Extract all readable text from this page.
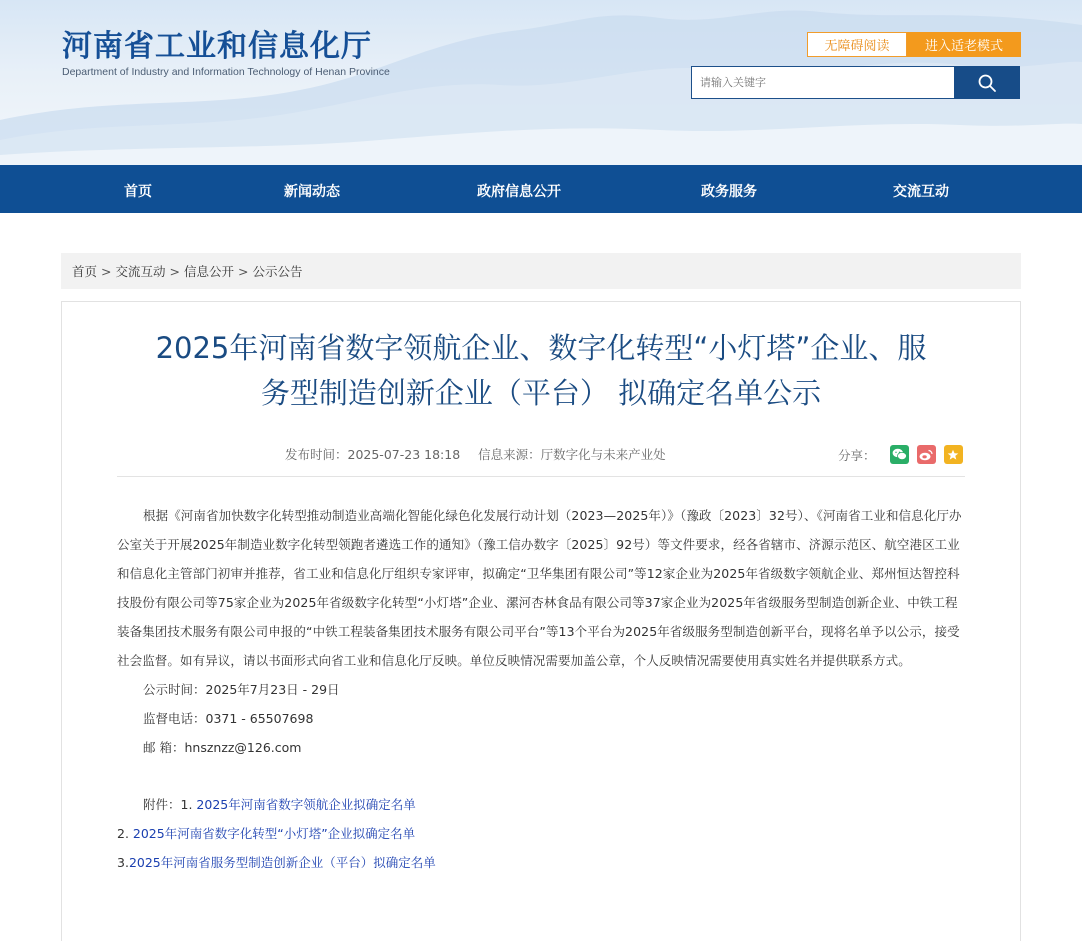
河南省工业和信息化厅
Department of Industry and Information Technology of Henan Province
无障碍阅读	进入适老模式
请输入关键字
首页	新闻动态	政府信息公开	政务服务	交流互动
首页 > 交流互动 > 信息公开 > 公示公告
2025年河南省数字领航企业、数字化转型“小灯塔”企业、服
务型制造创新企业（平台） 拟确定名单公示
发布时间：2025-07-23 18:18 信息来源：厅数字化与未来产业处	分享：

根据《河南省加快数字化转型推动制造业高端化智能化绿色化发展行动计划（2023—2025年）》（豫政〔2023〕32号）、《河南省工业和信息化厅办公室关于开展2025年制造业数字化转型领跑者遴选工作的通知》（豫工信办数字〔2025〕92号）等文件要求，经各省辖市、济源示范区、航空港区工业和信息化主管部门初审并推荐，省工业和信息化厅组织专家评审，拟确定“卫华集团有限公司”等12家企业为2025年省级数字领航企业、郑州恒达智控科技股份有限公司等75家企业为2025年省级数字化转型“小灯塔”企业、漯河杏林食品有限公司等37家企业为2025年省级服务型制造创新企业、中铁工程装备集团技术服务有限公司申报的“中铁工程装备集团技术服务有限公司平台”等13个平台为2025年省级服务型制造创新平台，现将名单予以公示，接受社会监督。如有异议，请以书面形式向省工业和信息化厅反映。单位反映情况需要加盖公章，个人反映情况需要使用真实姓名并提供联系方式。

公示时间：2025年7月23日 - 29日

监督电话：0371 - 65507698

邮 箱：hnsznzz@126.com

附件：1. 2025年河南省数字领航企业拟确定名单

2. 2025年河南省数字化转型“小灯塔”企业拟确定名单

3.2025年河南省服务型制造创新企业（平台）拟确定名单
